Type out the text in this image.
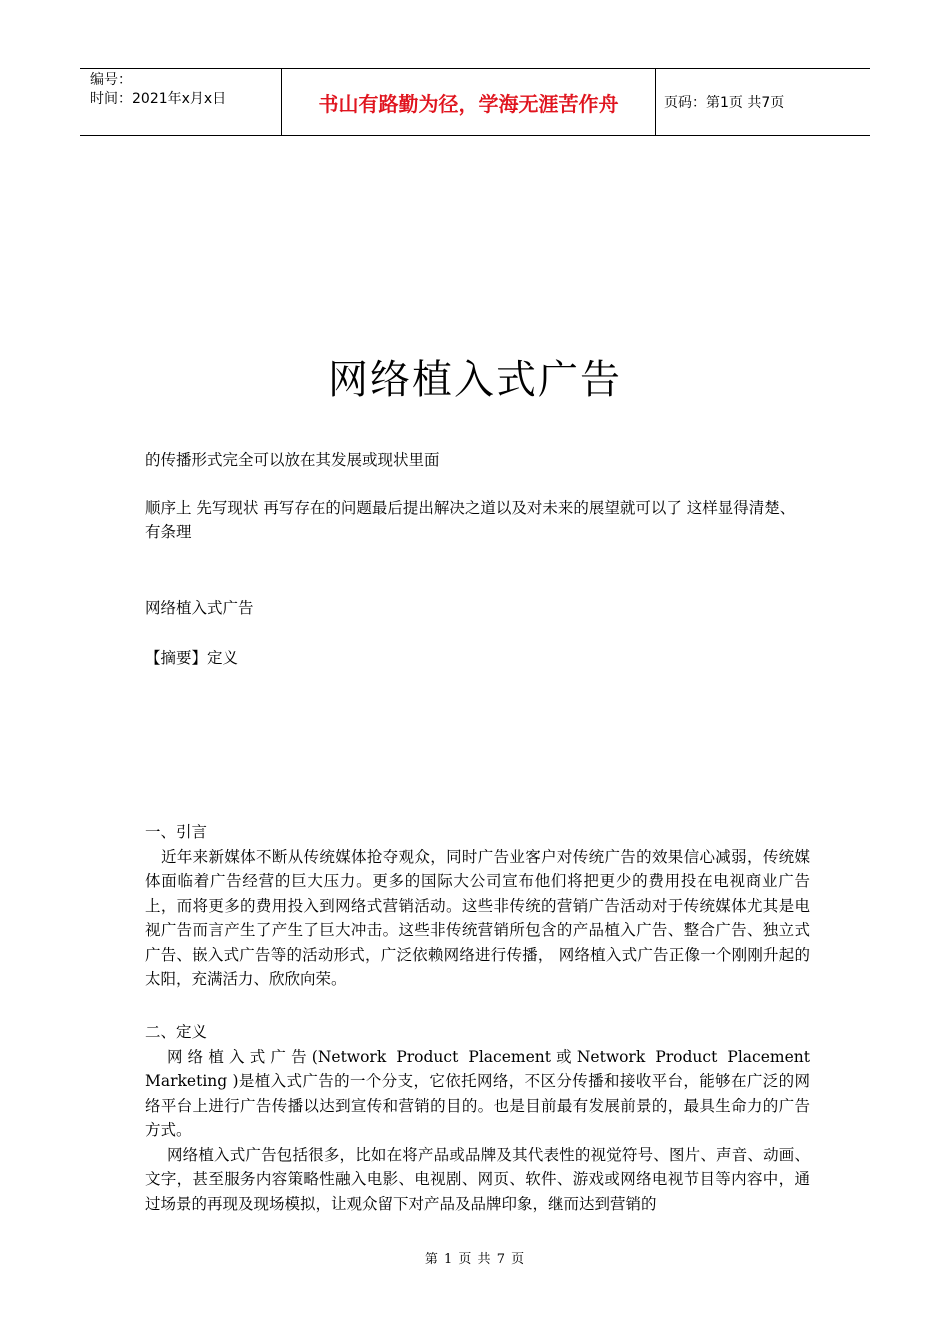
编号：
时间：2021年x月x日	书山有路勤为径，学海无涯苦作舟	页码：第1页 共7页
网络植入式广告
的传播形式完全可以放在其发展或现状里面
顺序上 先写现状 再写存在的问题最后提出解决之道以及对未来的展望就可以了 这样显得清楚、有条理
网络植入式广告
【摘要】定义
一、引言
近年来新媒体不断从传统媒体抢夺观众，同时广告业客户对传统广告的效果信心减弱，传统媒体面临着广告经营的巨大压力。更多的国际大公司宣布他们将把更少的费用投在电视商业广告上，而将更多的费用投入到网络式营销活动。这些非传统的营销广告活动对于传统媒体尤其是电视广告而言产生了产生了巨大冲击。这些非传统营销所包含的产品植入广告、整合广告、独立式广告、嵌入式广告等的活动形式，广泛依赖网络进行传播， 网络植入式广告正像一个刚刚升起的太阳，充满活力、欣欣向荣。
二、定义
网络植入式广告(Network Product Placement或Network Product Placement Marketing )是植入式广告的一个分支，它依托网络，不区分传播和接收平台，能够在广泛的网络平台上进行广告传播以达到宣传和营销的目的。也是目前最有发展前景的，最具生命力的广告方式。
网络植入式广告包括很多，比如在将产品或品牌及其代表性的视觉符号、图片、声音、动画、文字，甚至服务内容策略性融入电影、电视剧、网页、软件、游戏或网络电视节目等内容中，通过场景的再现及现场模拟，让观众留下对产品及品牌印象，继而达到营销的
第 1 页 共 7 页
